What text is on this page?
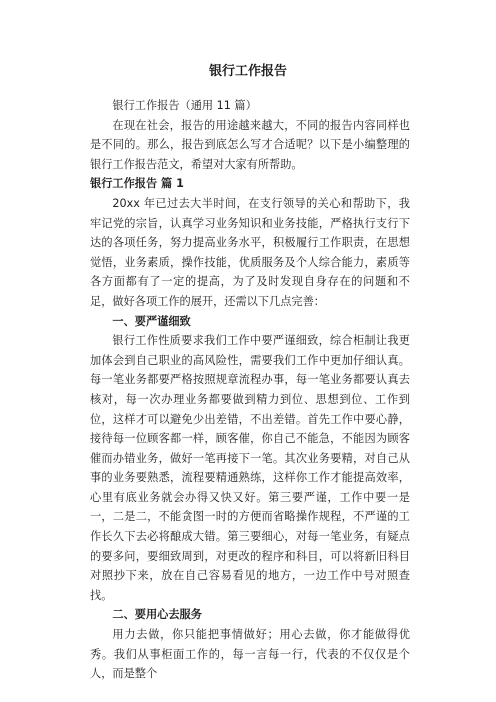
银行工作报告

银行工作报告（通用 11 篇）

在现在社会，报告的用途越来越大，不同的报告内容同样也是不同的。那么，报告到底怎么写才合适呢？以下是小编整理的银行工作报告范文，希望对大家有所帮助。

银行工作报告 篇 1

20xx 年已过去大半时间，在支行领导的关心和帮助下，我牢记党的宗旨，认真学习业务知识和业务技能，严格执行支行下达的各项任务，努力提高业务水平，积极履行工作职责，在思想觉悟，业务素质，操作技能，优质服务及个人综合能力，素质等各方面都有了一定的提高，为了及时发现自身存在的问题和不足，做好各项工作的展开，还需以下几点完善：

一、要严谨细致

银行工作性质要求我们工作中要严谨细致，综合柜制让我更加体会到自己职业的高风险性，需要我们工作中更加仔细认真。每一笔业务都要严格按照规章流程办事，每一笔业务都要认真去核对，每一次办理业务都要做到精力到位、思想到位、工作到位，这样才可以避免少出差错，不出差错。首先工作中要心静，接待每一位顾客都一样，顾客催，你自己不能急，不能因为顾客催而办错业务，做好一笔再接下一笔。其次业务要精，对自己从事的业务要熟悉，流程要精通熟练，这样你工作才能提高效率，心里有底业务就会办得又快又好。第三要严谨，工作中要一是一，二是二，不能贪图一时的方便而省略操作规程，不严谨的工作长久下去必将酿成大错。第三要细心，对每一笔业务，有疑点的要多问，要细致周到，对更改的程序和科目，可以将新旧科目对照抄下来，放在自己容易看见的地方，一边工作中号对照查找。

二、要用心去服务

用力去做，你只能把事情做好；用心去做，你才能做得优秀。我们从事柜面工作的，每一言每一行，代表的不仅仅是个人，而是整个
